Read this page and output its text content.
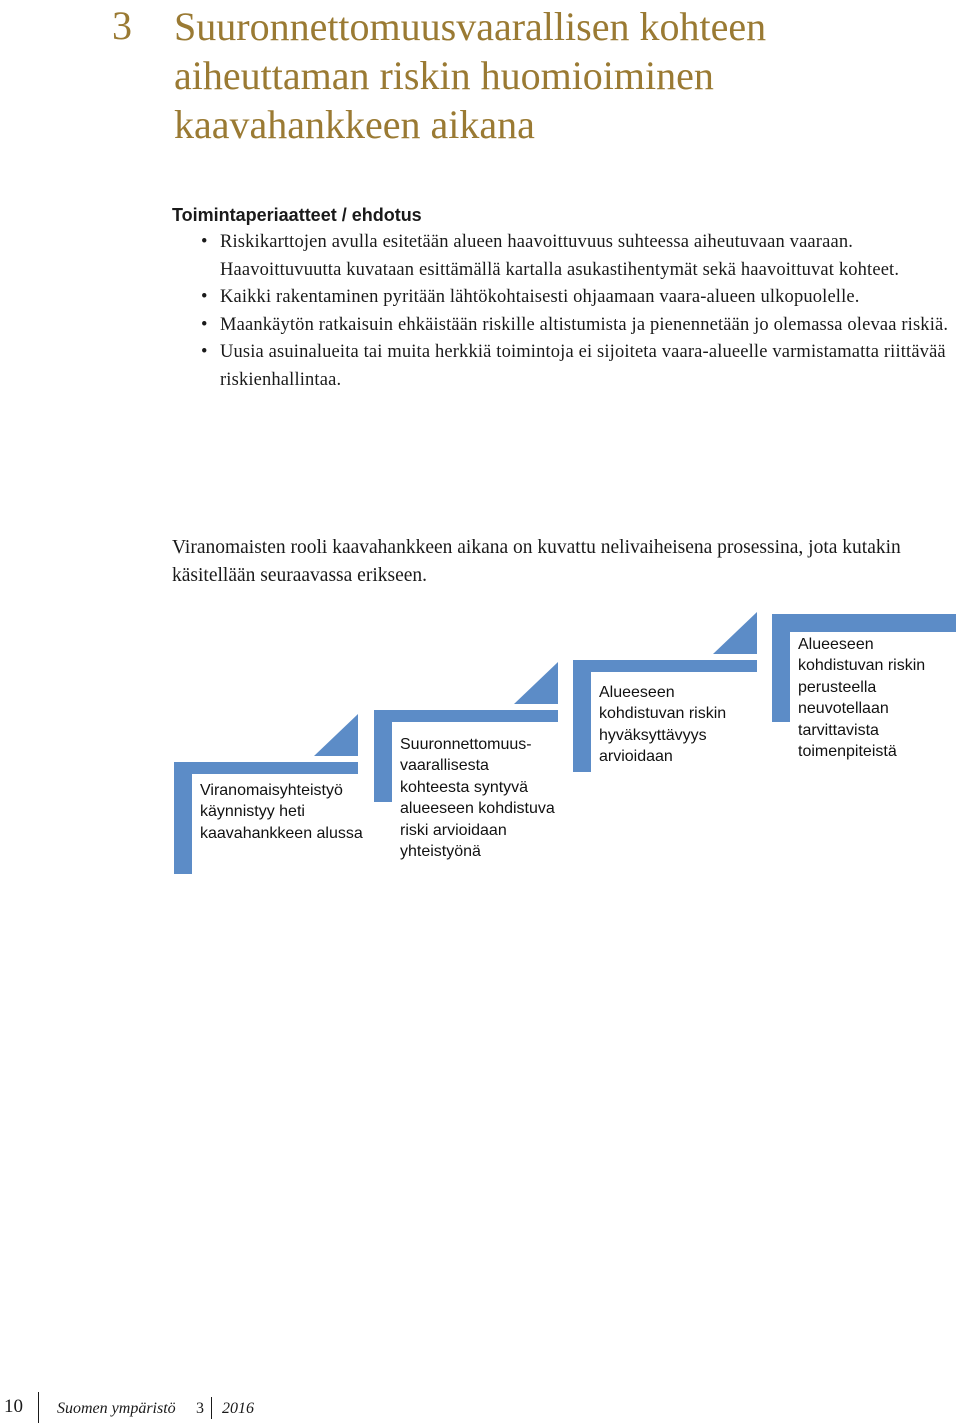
3 Suuronnettomuusvaarallisen kohteen aiheuttaman riskin huomioiminen kaavahankkeen aikana
Toimintaperiaatteet / ehdotus
• Riskikarttojen avulla esitetään alueen haavoittuvuus suhteessa aiheutuvaan vaaraan. Haavoittuvuutta kuvataan esittämällä kartalla asukastihentymät sekä haavoittuvat kohteet.
• Kaikki rakentaminen pyritään lähtökohtaisesti ohjaamaan vaara-alueen ulkopuolelle.
• Maankäytön ratkaisuin ehkäistään riskille altistumista ja pienennetään jo olemassa olevaa riskiä.
• Uusia asuinalueita tai muita herkkiä toimintoja ei sijoiteta vaara-alueelle varmistamatta riittävää riskienhallintaa.

Viranomaisten rooli kaavahankkeen aikana on kuvattu nelivaiheisena prosessina, jota kutakin käsitellään seuraavassa erikseen.

Viranomaisyhteistyö käynnistyy heti kaavahankkeen alussa
Suuronnettomuus-vaarallisesta kohteesta syntyvä alueeseen kohdistuva riski arvioidaan yhteistyönä
Alueeseen kohdistuvan riskin hyväksyttävyys arvioidaan
Alueeseen kohdistuvan riskin perusteella neuvotellaan tarvittavista toimenpiteistä
10 Suomen ympäristö 3 2016
